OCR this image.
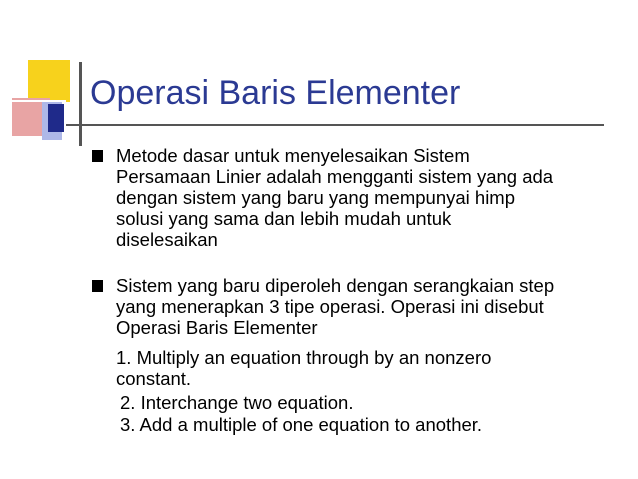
Operasi Baris Elementer
Metode dasar untuk menyelesaikan Sistem
Persamaan Linier adalah mengganti sistem yang ada
dengan sistem yang baru yang mempunyai himp
solusi yang sama dan lebih mudah untuk
diselesaikan
Sistem yang baru diperoleh dengan serangkaian step
yang menerapkan 3 tipe operasi. Operasi ini disebut
Operasi Baris Elementer
1. Multiply an equation through by an nonzero
constant.
2. Interchange two equation.
3. Add a multiple of one equation to another.
